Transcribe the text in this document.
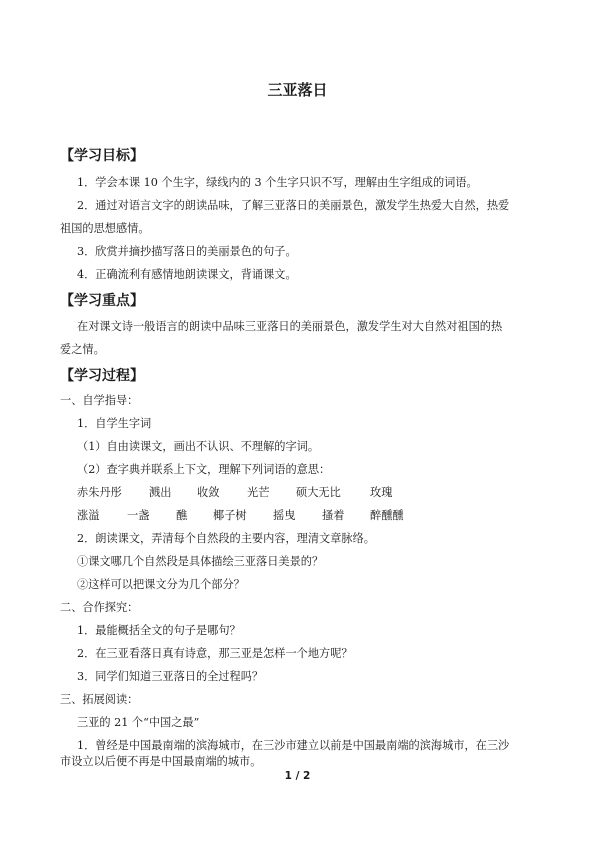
三亚落日
【学习目标】
1．学会本课 10 个生字，绿线内的 3 个生字只识不写，理解由生字组成的词语。
2．通过对语言文字的朗读品味，了解三亚落日的美丽景色，激发学生热爱大自然，热爱
祖国的思想感情。
3．欣赏并摘抄描写落日的美丽景色的句子。
4．正确流利有感情地朗读课文，背诵课文。
【学习重点】
在对课文诗一般语言的朗读中品味三亚落日的美丽景色，激发学生对大自然对祖国的热
爱之情。
【学习过程】
一、自学指导：
1．自学生字词
（1）自由读课文，画出不认识、不理解的字词。
（2）查字典并联系上下文，理解下列词语的意思：
赤朱丹彤 溅出 收敛 光芒 硕大无比	玫瑰
涨溢 一盏 醮 椰子树 摇曳 搔着 醉醺醺
2．朗读课文，弄清每个自然段的主要内容，理清文章脉络。
①课文哪几个自然段是具体描绘三亚落日美景的？
②这样可以把课文分为几个部分？
二、合作探究：
1．最能概括全文的句子是哪句？
2．在三亚看落日真有诗意，那三亚是怎样一个地方呢？
3．同学们知道三亚落日的全过程吗？
三、拓展阅读：
三亚的 21 个“中国之最”
1．曾经是中国最南端的滨海城市，在三沙市建立以前是中国最南端的滨海城市，在三沙
市设立以后便不再是中国最南端的城市。
1 / 2
